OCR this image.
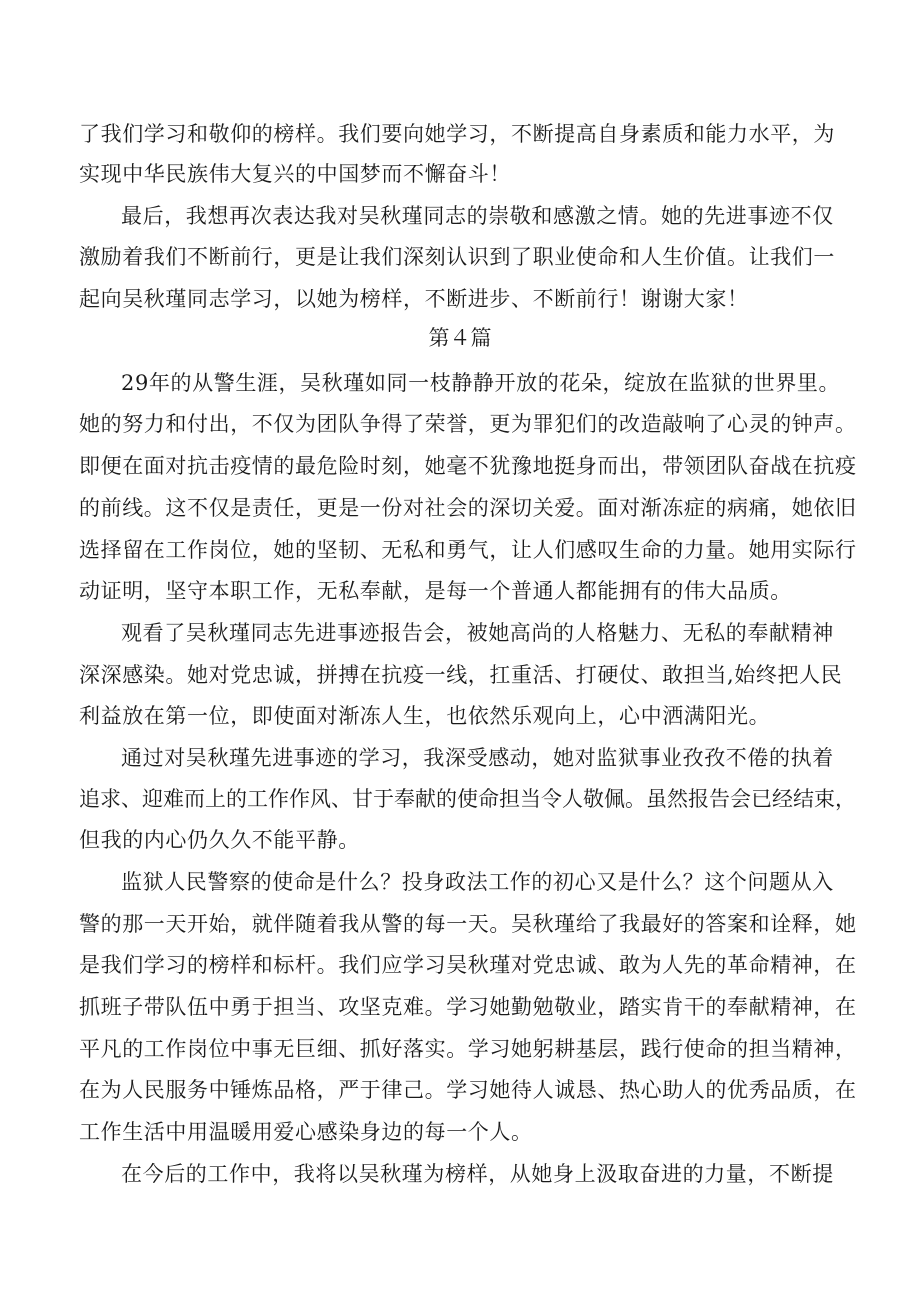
了我们学习和敬仰的榜样。我们要向她学习，不断提高自身素质和能力水平，为
实现中华民族伟大复兴的中国梦而不懈奋斗！
最后，我想再次表达我对吴秋瑾同志的崇敬和感激之情。她的先进事迹不仅
激励着我们不断前行，更是让我们深刻认识到了职业使命和人生价值。让我们一
起向吴秋瑾同志学习，以她为榜样，不断进步、不断前行！谢谢大家！
第４篇
29年的从警生涯，吴秋瑾如同一枝静静开放的花朵，绽放在监狱的世界里。
她的努力和付出，不仅为团队争得了荣誉，更为罪犯们的改造敲响了心灵的钟声。
即便在面对抗击疫情的最危险时刻，她毫不犹豫地挺身而出，带领团队奋战在抗疫
的前线。这不仅是责任，更是一份对社会的深切关爱。面对渐冻症的病痛，她依旧
选择留在工作岗位，她的坚韧、无私和勇气，让人们感叹生命的力量。她用实际行
动证明，坚守本职工作，无私奉献，是每一个普通人都能拥有的伟大品质。
观看了吴秋瑾同志先进事迹报告会，被她高尚的人格魅力、无私的奉献精神
深深感染。她对党忠诚，拼搏在抗疫一线，扛重活、打硬仗、敢担当,始终把人民
利益放在第一位，即使面对渐冻人生，也依然乐观向上，心中洒满阳光。
通过对吴秋瑾先进事迹的学习，我深受感动，她对监狱事业孜孜不倦的执着
追求、迎难而上的工作作风、甘于奉献的使命担当令人敬佩。虽然报告会已经结束，
但我的内心仍久久不能平静。
监狱人民警察的使命是什么？投身政法工作的初心又是什么？这个问题从入
警的那一天开始，就伴随着我从警的每一天。吴秋瑾给了我最好的答案和诠释，她
是我们学习的榜样和标杆。我们应学习吴秋瑾对党忠诚、敢为人先的革命精神，在
抓班子带队伍中勇于担当、攻坚克难。学习她勤勉敬业，踏实肯干的奉献精神，在
平凡的工作岗位中事无巨细、抓好落实。学习她躬耕基层，践行使命的担当精神，
在为人民服务中锤炼品格，严于律己。学习她待人诚恳、热心助人的优秀品质，在
工作生活中用温暖用爱心感染身边的每一个人。
在今后的工作中，我将以吴秋瑾为榜样，从她身上汲取奋进的力量，不断提
